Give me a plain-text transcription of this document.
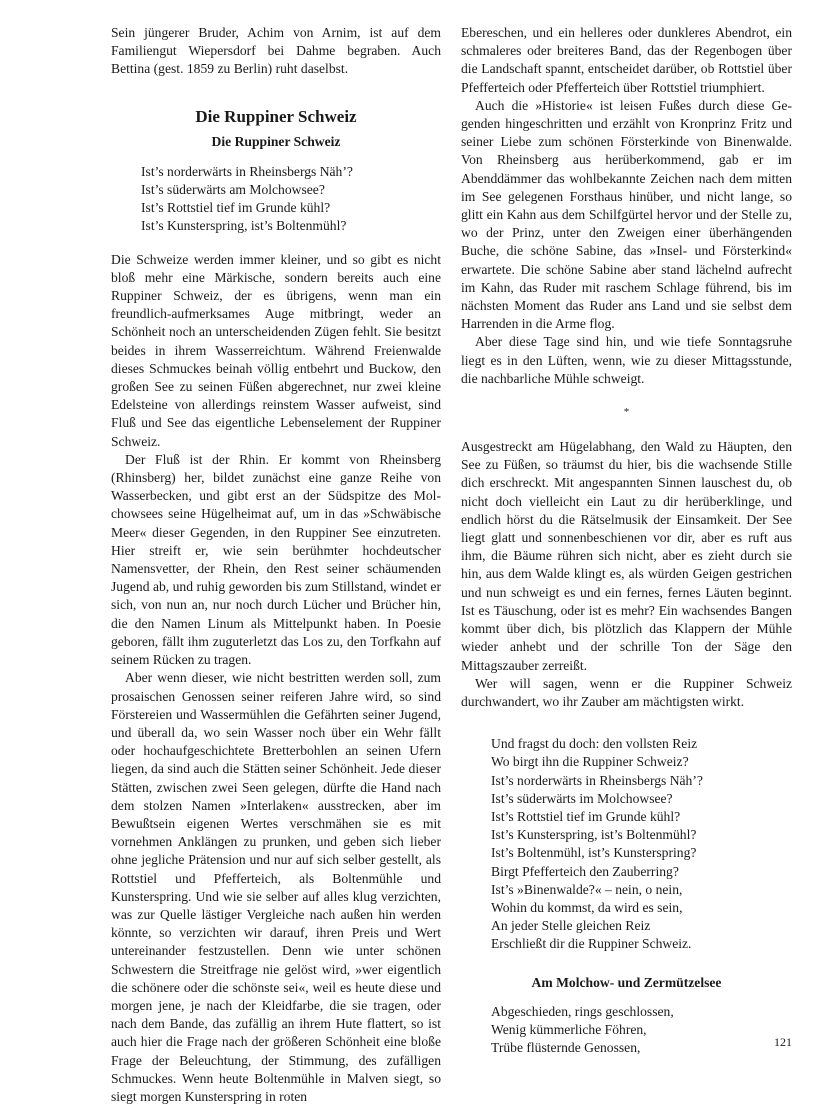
Sein jüngerer Bruder, Achim von Arnim, ist auf dem Familiengut Wiepersdorf bei Dahme begraben. Auch Bettina (gest. 1859 zu Berlin) ruht daselbst.

Die Ruppiner Schweiz
Die Ruppiner Schweiz
Ist’s norderwärts in Rheinsbergs Näh’?
Ist’s süderwärts am Molchowsee?
Ist’s Rottstiel tief im Grunde kühl?
Ist’s Kunsterspring, ist’s Boltenmühl?

Die Schweize werden immer kleiner, und so gibt es nicht bloß mehr eine Märkische, sondern bereits auch eine Ruppiner Schweiz, der es übrigens, wenn man ein freundlich-aufmerksames Auge mitbringt, weder an Schönheit noch an unterscheidenden Zügen fehlt. Sie besitzt beides in ihrem Wasserreichtum. Während Freienwalde dieses Schmuckes beinah völlig entbehrt und Buckow, den großen See zu seinen Füßen abgerechnet, nur zwei kleine Edelsteine von allerdings reinstem Wasser aufweist, sind Fluß und See das eigentliche Lebenselement der Ruppiner Schweiz.

Der Fluß ist der Rhin. Er kommt von Rheinsberg (Rhinsberg) her, bildet zunächst eine ganze Reihe von Wasserbecken, und gibt erst an der Südspitze des Molchowsees seine Hügelheimat auf, um in das »Schwäbische Meer« dieser Gegenden, in den Ruppiner See einzutreten. Hier streift er, wie sein berühmter hochdeutscher Namensvetter, der Rhein, den Rest seiner schäumenden Jugend ab, und ruhig geworden bis zum Stillstand, windet er sich, von nun an, nur noch durch Lücher und Brücher hin, die den Namen Linum als Mittelpunkt haben. In Poesie geboren, fällt ihm zuguterletzt das Los zu, den Torfkahn auf seinem Rücken zu tragen.

Aber wenn dieser, wie nicht bestritten werden soll, zum prosaischen Genossen seiner reiferen Jahre wird, so sind Förstereien und Wassermühlen die Gefährten seiner Jugend, und überall da, wo sein Wasser noch über ein Wehr fällt oder hochaufgeschichtete Bretterbohlen an seinen Ufern liegen, da sind auch die Stätten seiner Schönheit. Jede dieser Stätten, zwischen zwei Seen gelegen, dürfte die Hand nach dem stolzen Namen »Interlaken« ausstrecken, aber im Bewußtsein eigenen Wertes verschmähen sie es mit vornehmen Anklängen zu prunken, und geben sich lieber ohne jegliche Prätension und nur auf sich selber gestellt, als Rottstiel und Pfefferteich, als Boltenmühle und Kunsterspring. Und wie sie selber auf alles klug verzichten, was zur Quelle lästiger Vergleiche nach außen hin werden könnte, so verzichten wir darauf, ihren Preis und Wert untereinander festzustellen. Denn wie unter schönen Schwestern die Streitfrage nie gelöst wird, »wer eigentlich die schönere oder die schönste sei«, weil es heute diese und morgen jene, je nach der Kleidfarbe, die sie tragen, oder nach dem Bande, das zufällig an ihrem Hute flattert, so ist auch hier die Frage nach der größeren Schönheit eine bloße Frage der Beleuchtung, der Stimmung, des zufälligen Schmuckes. Wenn heute Boltenmühle in Malven siegt, so siegt morgen Kunsterspring in roten

Ebereschen, und ein helleres oder dunkleres Abendrot, ein schmaleres oder breiteres Band, das der Regenbogen über die Landschaft spannt, entscheidet darüber, ob Rottstiel über Pfefferteich oder Pfefferteich über Rottstiel triumphiert.

Auch die »Historie« ist leisen Fußes durch diese Gegenden hingeschritten und erzählt von Kronprinz Fritz und seiner Liebe zum schönen Försterkinde von Binenwalde. Von Rheinsberg aus herüberkommend, gab er im Abenddämmer das wohlbekannte Zeichen nach dem mitten im See gelegenen Forsthaus hinüber, und nicht lange, so glitt ein Kahn aus dem Schilfgürtel hervor und der Stelle zu, wo der Prinz, unter den Zweigen einer überhängenden Buche, die schöne Sabine, das »Insel- und Försterkind« erwartete. Die schöne Sabine aber stand lächelnd aufrecht im Kahn, das Ruder mit raschem Schlage führend, bis im nächsten Moment das Ruder ans Land und sie selbst dem Harrenden in die Arme flog.

Aber diese Tage sind hin, und wie tiefe Sonntagsruhe liegt es in den Lüften, wenn, wie zu dieser Mittagsstunde, die nachbarliche Mühle schweigt.

*

Ausgestreckt am Hügelabhang, den Wald zu Häupten, den See zu Füßen, so träumst du hier, bis die wachsende Stille dich erschreckt. Mit angespannten Sinnen lauschest du, ob nicht doch vielleicht ein Laut zu dir herüberklinge, und endlich hörst du die Rätselmusik der Einsamkeit. Der See liegt glatt und sonnenbeschienen vor dir, aber es ruft aus ihm, die Bäume rühren sich nicht, aber es zieht durch sie hin, aus dem Walde klingt es, als würden Geigen gestrichen und nun schweigt es und ein fernes, fernes Läuten beginnt. Ist es Täuschung, oder ist es mehr? Ein wachsendes Bangen kommt über dich, bis plötzlich das Klappern der Mühle wieder anhebt und der schrille Ton der Säge den Mittagszauber zerreißt.

Wer will sagen, wenn er die Ruppiner Schweiz durchwandert, wo ihr Zauber am mächtigsten wirkt.

Und fragst du doch: den vollsten Reiz
Wo birgt ihn die Ruppiner Schweiz?
Ist’s norderwärts in Rheinsbergs Näh’?
Ist’s süderwärts im Molchowsee?
Ist’s Rottstiel tief im Grunde kühl?
Ist’s Kunsterspring, ist’s Boltenmühl?
Ist’s Boltenmühl, ist’s Kunsterspring?
Birgt Pfefferteich den Zauberring?
Ist’s »Binenwalde?« – nein, o nein,
Wohin du kommst, da wird es sein,
An jeder Stelle gleichen Reiz
Erschließt dir die Ruppiner Schweiz.
Am Molchow- und Zermützelsee
Abgeschieden, rings geschlossen,
Wenig kümmerliche Föhren,
Trübe flüsternde Genossen,	121
